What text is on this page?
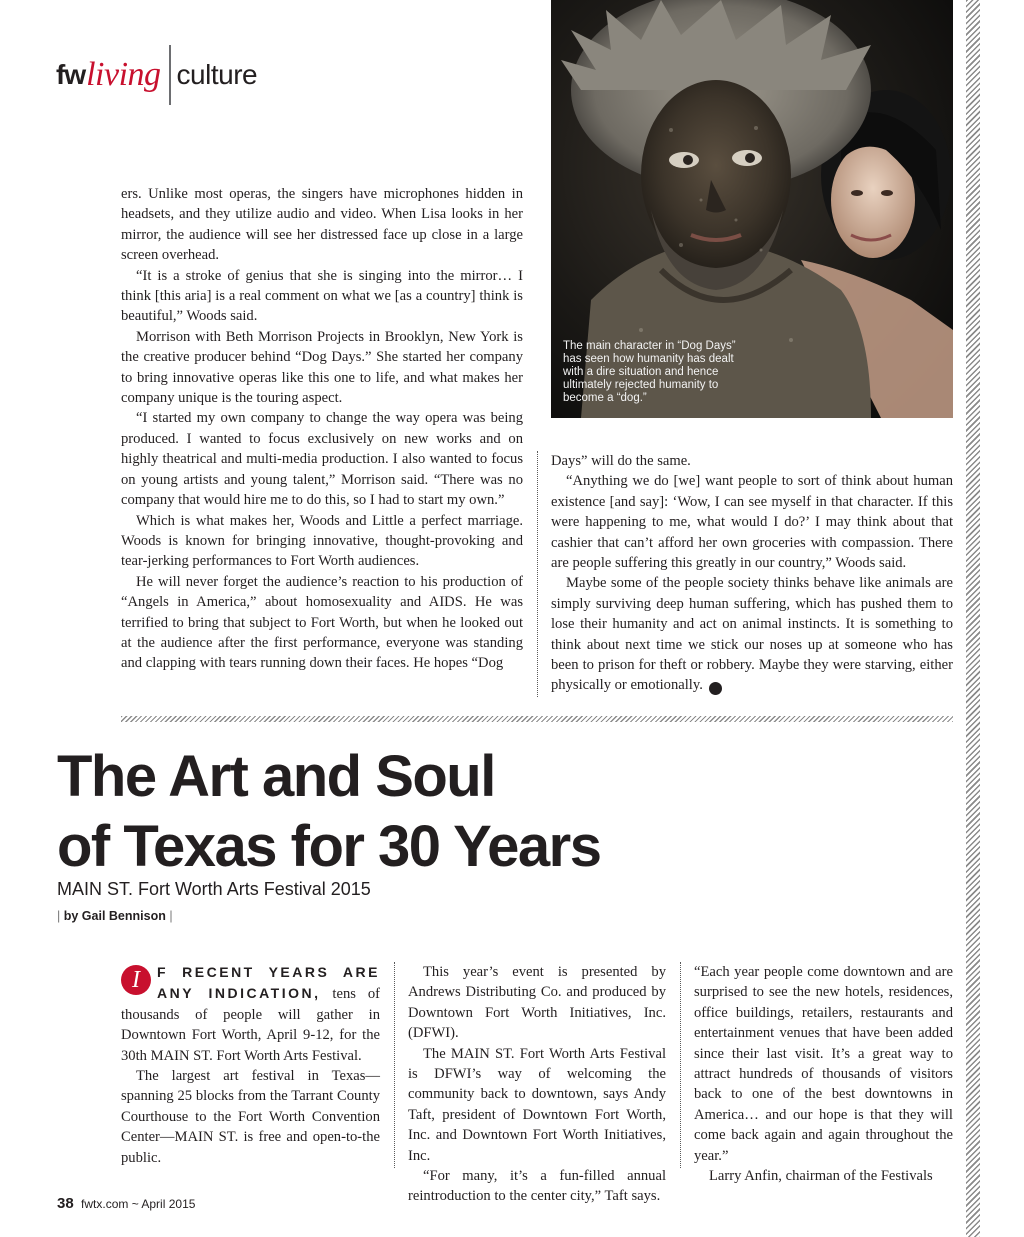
fw living culture
The main character in “Dog Days” has seen how humanity has dealt with a dire situation and hence ultimately rejected humanity to become a “dog.”

ers. Unlike most operas, the singers have microphones hidden in headsets, and they utilize audio and video. When Lisa looks in her mirror, the audience will see her distressed face up close in a large screen overhead.

“It is a stroke of genius that she is singing into the mirror… I think [this aria] is a real comment on what we [as a country] think is beautiful,” Woods said.

Morrison with Beth Morrison Projects in Brooklyn, New York is the creative producer behind “Dog Days.” She started her company to bring innovative operas like this one to life, and what makes her company unique is the touring aspect.

“I started my own company to change the way opera was being produced. I wanted to focus exclusively on new works and on highly theatrical and multi-media production. I also wanted to focus on young artists and young talent,” Morrison said. “There was no company that would hire me to do this, so I had to start my own.”

Which is what makes her, Woods and Little a perfect marriage. Woods is known for bringing innovative, thought-provoking and tear-jerking performances to Fort Worth audiences.

He will never forget the audience’s reaction to his production of “Angels in America,” about homosexuality and AIDS. He was terrified to bring that subject to Fort Worth, but when he looked out at the audience after the first performance, everyone was standing and clapping with tears running down their faces. He hopes “Dog

Days” will do the same.

“Anything we do [we] want people to sort of think about human existence [and say]: ‘Wow, I can see myself in that character. If this were happening to me, what would I do?’ I may think about that cashier that can’t afford her own groceries with compassion. There are people suffering this greatly in our country,” Woods said.

Maybe some of the people society thinks behave like animals are simply surviving deep human suffering, which has pushed them to lose their humanity and act on animal instincts. It is something to think about next time we stick our noses up at someone who has been to prison for theft or robbery. Maybe they were starving, either physically or emotionally.	fw

The Art and Soul
of Texas for 30 Years
MAIN ST. Fort Worth Arts Festival 2015
| by Gail Bennison |

I	F RECENT YEARS ARE ANY INDICATION, tens of thousands of people will gather in Downtown Fort Worth, April 9-12, for the 30th MAIN ST. Fort Worth Arts Festival.

The largest art festival in Texas—spanning 25 blocks from the Tarrant County Courthouse to the Fort Worth Convention Center—MAIN ST. is free and open-to-the public.

This year’s event is presented by Andrews Distributing Co. and produced by Downtown Fort Worth Initiatives, Inc. (DFWI).

The MAIN ST. Fort Worth Arts Festival is DFWI’s way of welcoming the community back to downtown, says Andy Taft, president of Downtown Fort Worth, Inc. and Downtown Fort Worth Initiatives, Inc.

“For many, it’s a fun-filled annual reintroduction to the center city,” Taft says.

“Each year people come downtown and are surprised to see the new hotels, residences, office buildings, retailers, restaurants and entertainment venues that have been added since their last visit. It’s a great way to attract hundreds of thousands of visitors back to one of the best downtowns in America… and our hope is that they will come back again and again throughout the year.”

Larry Anfin, chairman of the Festivals

38 fwtx.com ~ April 2015
